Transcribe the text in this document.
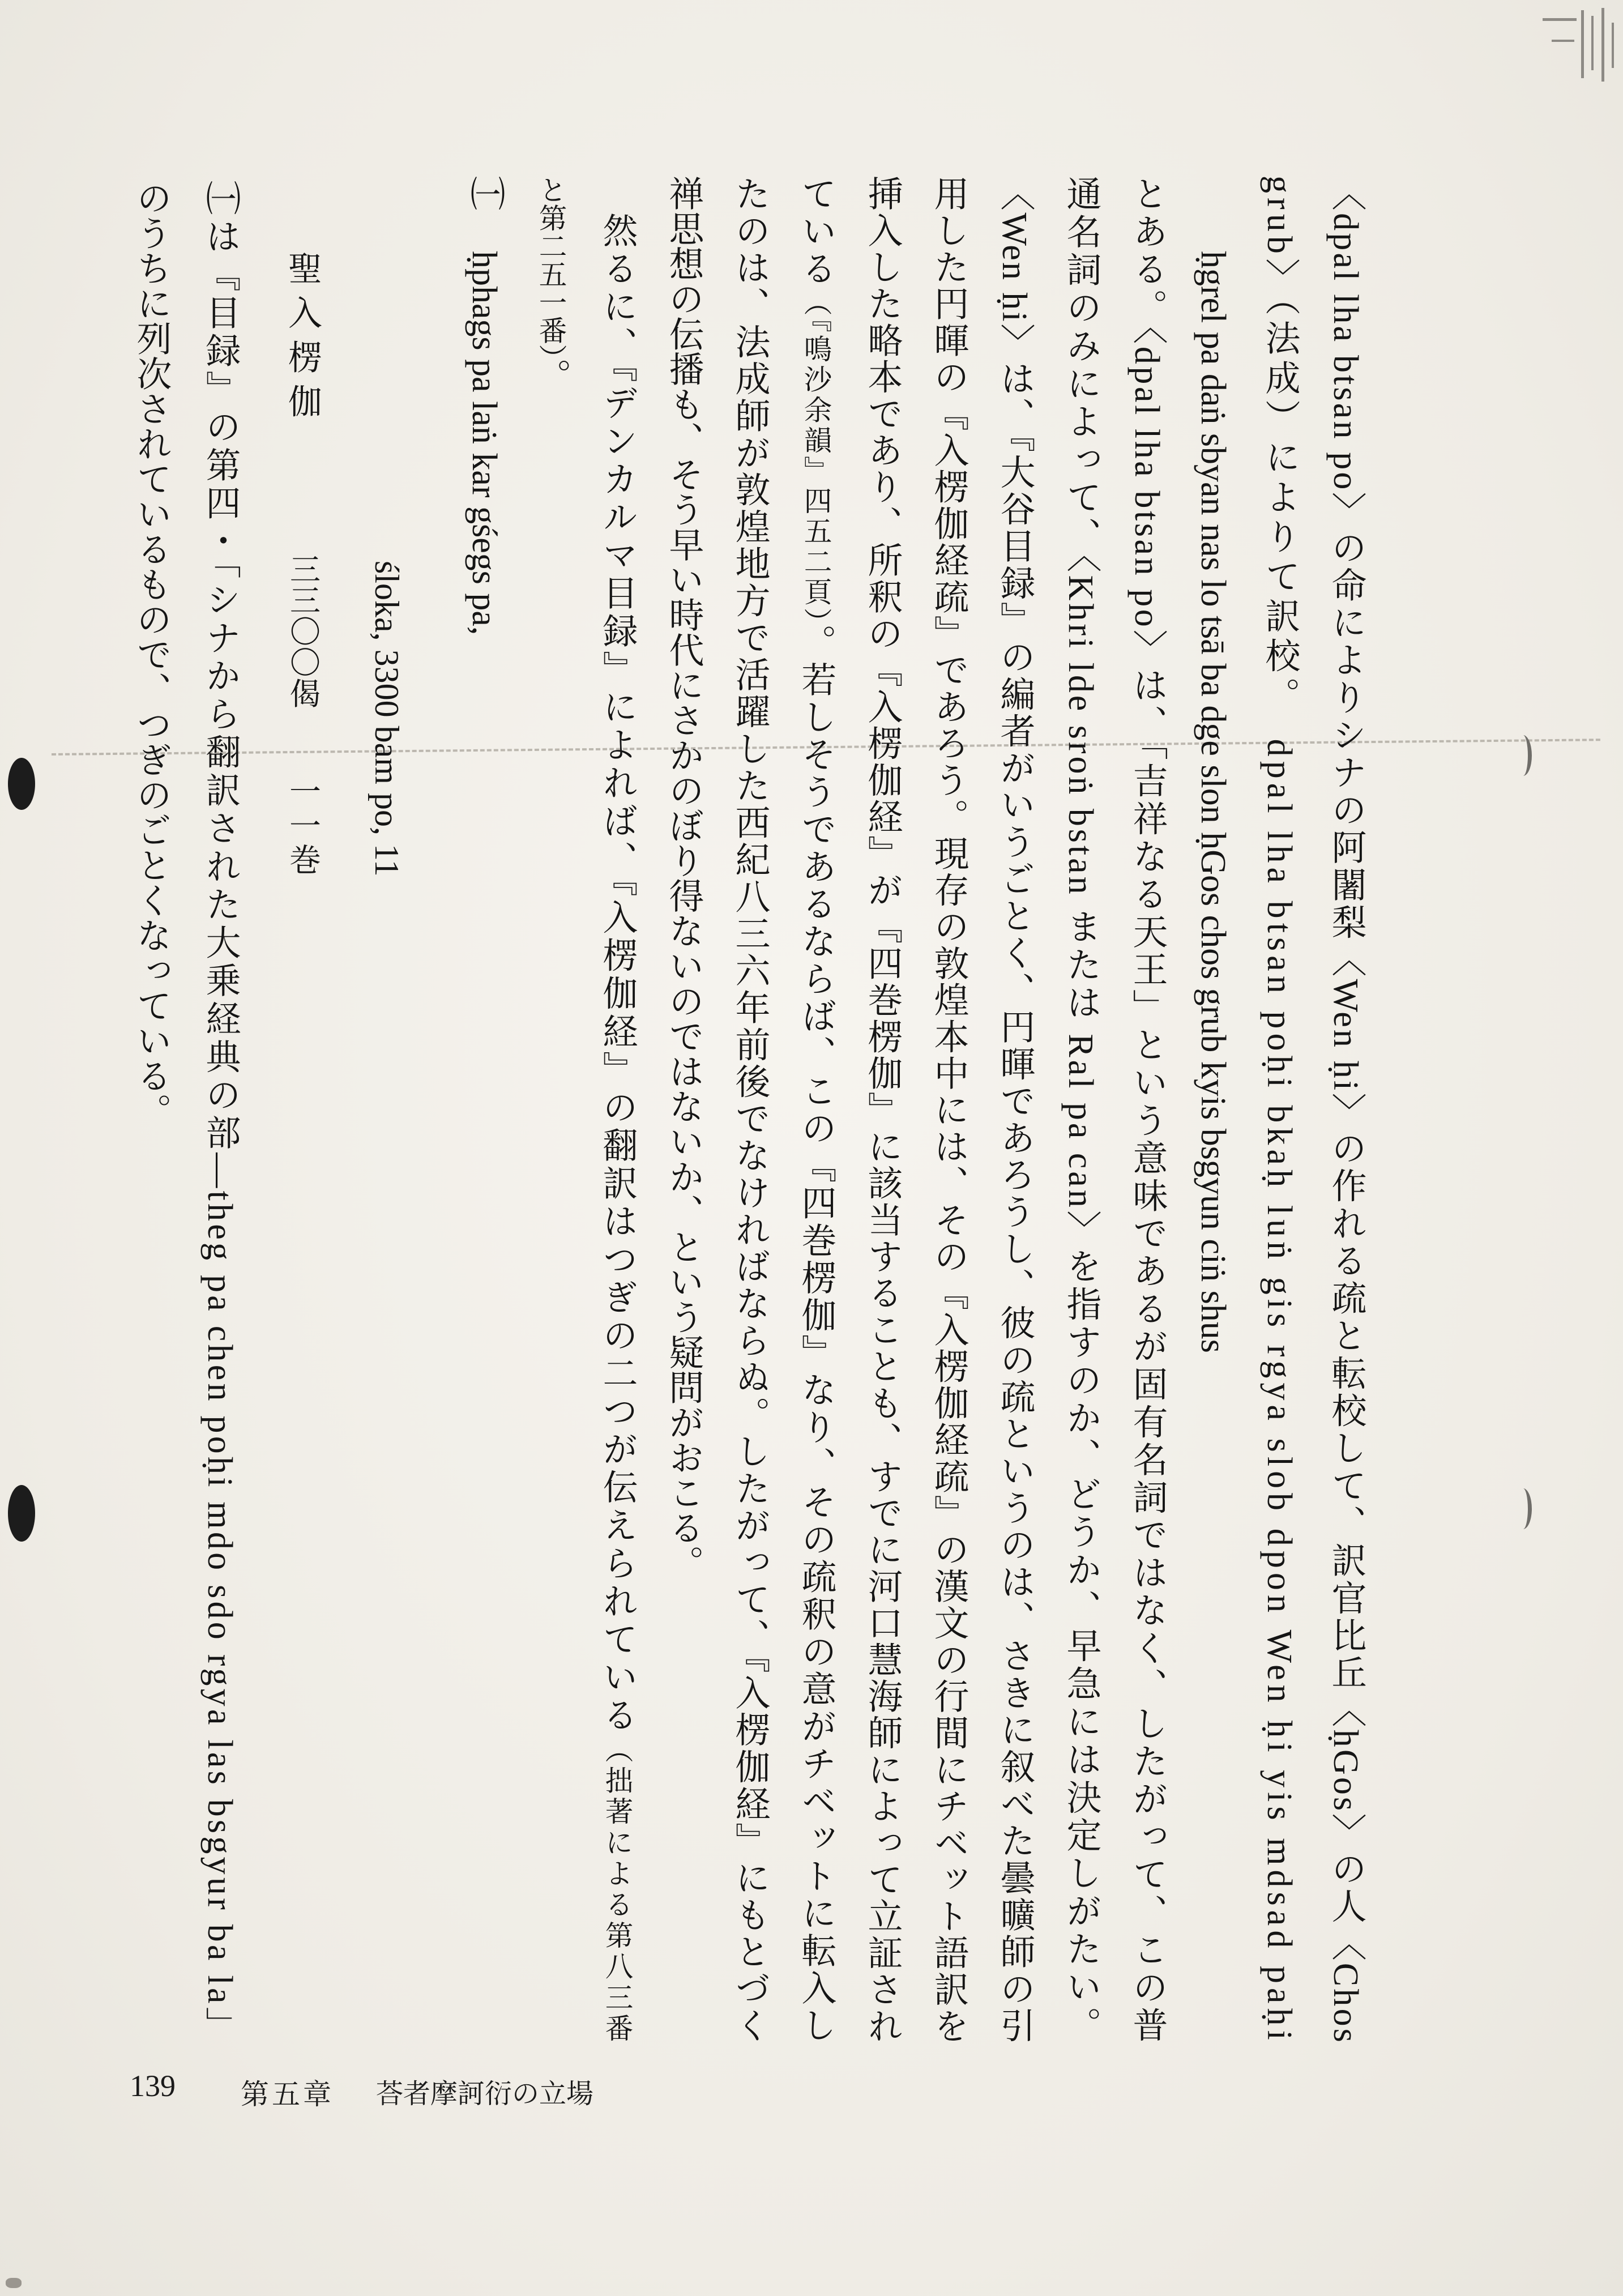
〈dpal lha btsan po〉の命によりシナの阿闍梨〈Wen ḥi〉の作れる疏と転校して、訳官比丘〈ḥGos〉の人〈Chos
grub〉（法成）によりて訳校。　dpal lha btsan poḥi bkaḥ luṅ gis rgya slob dpon Wen ḥi yis mdsad paḥi
ḥgrel pa daṅ sbyan nas lo tsā ba dge slon ḥGos chos grub kyis bsgyun ciṅ shus
とある。〈dpal lha btsan po〉は、「吉祥なる天王」という意味であるが固有名詞ではなく、したがって、この普
通名詞のみによって、〈Khri lde sroṅ bstan または Ral pa can〉を指すのか、どうか、早急には決定しがたい。
〈Wen ḥi〉は、『大谷目録』の編者がいうごとく、円暉であろうし、彼の疏というのは、さきに叙べた曇曠師の引
用した円暉の『入楞伽経疏』であろう。現存の敦煌本中には、その『入楞伽経疏』の漢文の行間にチベット語訳を
挿入した略本であり、所釈の『入楞伽経』が『四巻楞伽』に該当することも、すでに河口慧海師によって立証され
ている（『鳴沙余韻』四五二頁）。若しそうであるならば、この『四巻楞伽』なり、その疏釈の意がチベットに転入し
たのは、法成師が敦煌地方で活躍した西紀八三六年前後でなければならぬ。したがって、『入楞伽経』にもとづく
禅思想の伝播も、そう早い時代にさかのぼり得ないのではないか、という疑問がおこる。
然るに、『デンカルマ目録』によれば、『入楞伽経』の翻訳はつぎの二つが伝えられている（拙著による第八三番
と第二五一番）。
㈠
ḥphags pa laṅ kar gśegs pa,
śloka, 3300 bam po, 11
聖入楞伽
三三〇〇偈
一一巻
㈠は『目録』の第四・「シナから翻訳された大乗経典の部―theg pa chen poḥi mdo sdo rgya las bsgyur ba la」
のうちに列次されているもので、つぎのごとくなっている。
139 第五章 荅者摩訶衍の立場
